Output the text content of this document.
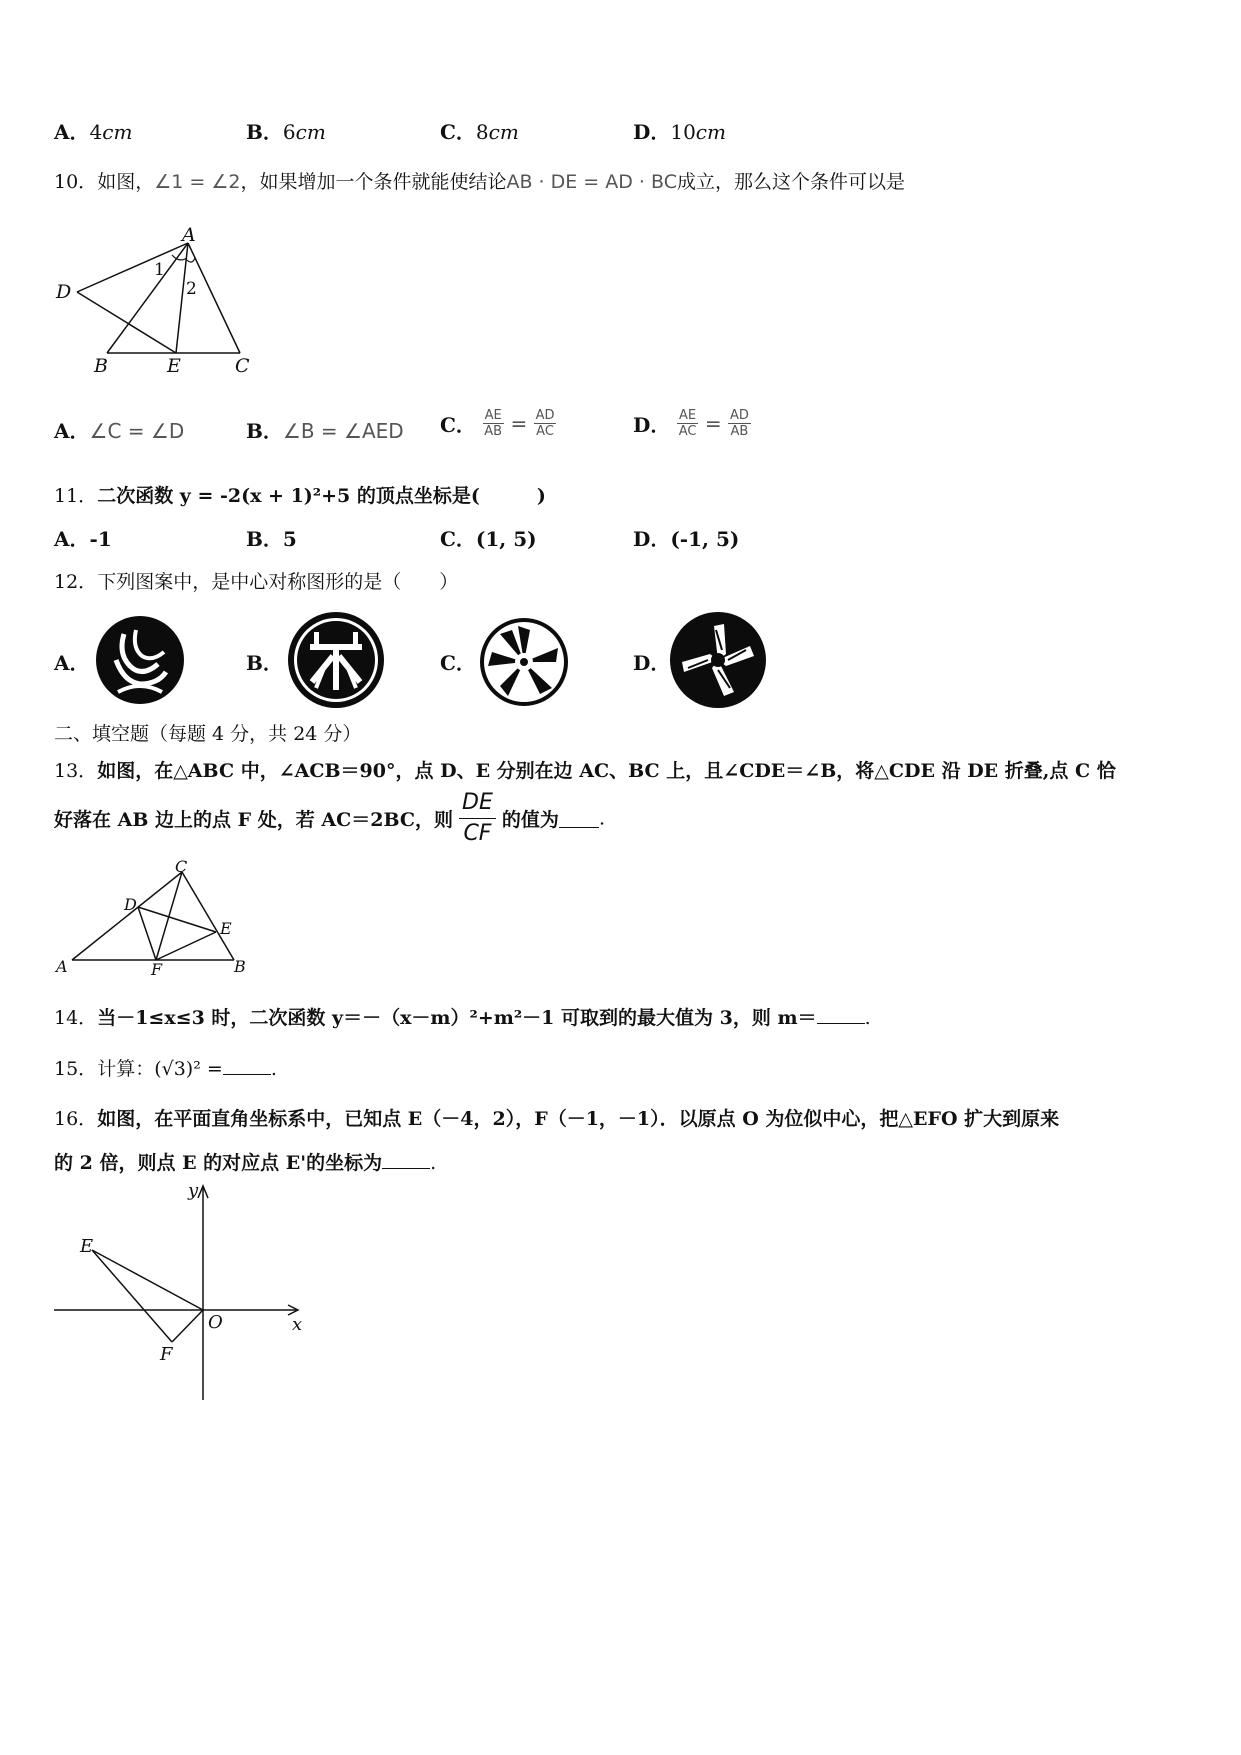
A．4cm	B．6cm	C．8cm	D．10cm
10．如图，∠1 = ∠2，如果增加一个条件就能使结论AB · DE = AD · BC成立，那么这个条件可以是
A
D
B	E	C
1
2
A．∠C = ∠D	B．∠B = ∠AED C． $\frac{AE}{AB} = \frac{AD}{AC}$	D． $\frac{AE}{AC} = \frac{AD}{AB}$
11．二次函数 y = -2(x + 1)²+5 的顶点坐标是(　　　)
A．-1	B．5	C．(1, 5)	D．(-1, 5)
12．下列图案中，是中心对称图形的是（　　）
A．	B．	C．	D．
二、填空题（每题 4 分，共 24 分）
13．如图，在△ABC 中，∠ACB＝90°，点 D、E 分别在边 AC、BC 上，且∠CDE＝∠B，将△CDE 沿 DE 折叠,点 C 恰
好落在 AB 边上的点 F 处，若 AC＝2BC，则 $\frac{DE}{CF}$ 的值为 .
C
D
E
A	F	B
14．当－1≤x≤3 时，二次函数 y＝－（x－m）²+m²－1 可取到的最大值为 3，则 m＝	.
15．计算：(√3)² =	.
16．如图，在平面直角坐标系中，已知点 E（－4，2），F（－1，－1）．以原点 O 为位似中心，把△EFO 扩大到原来
的 2 倍，则点 E 的对应点 E'的坐标为	.
y
x
E
O
F
